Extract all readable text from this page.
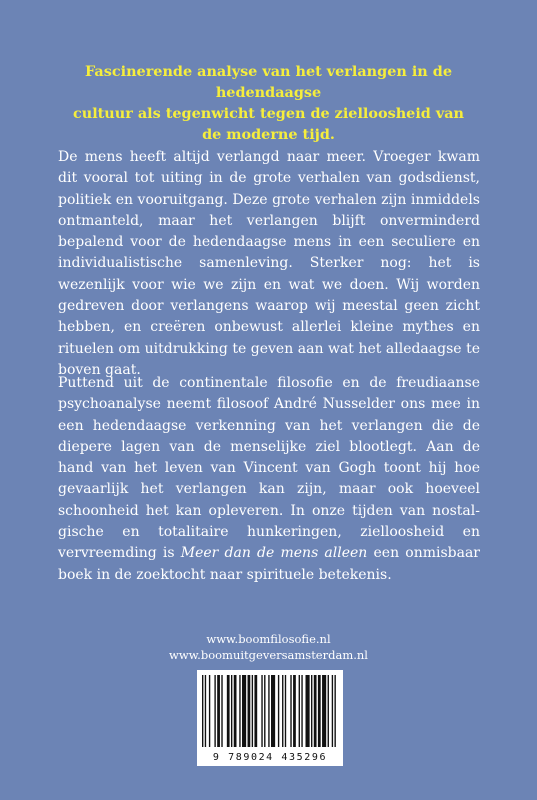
Fascinerende analyse van het verlangen in de hedendaagse
cultuur als tegenwicht tegen de zielloosheid van
de moderne tijd.

De mens heeft altijd verlangd naar meer. Vroeger kwam dit vooral tot uiting in de grote verhalen van godsdienst, politiek en vooruitgang. Deze grote verhalen zijn inmiddels ontmanteld, maar het verlangen blijft onverminderd bepalend voor de hedendaagse mens in een seculiere en individualistische samenleving. Sterker nog: het is wezenlijk voor wie we zijn en wat we doen. Wij worden gedreven door verlangens waarop wij meestal geen zicht hebben, en creëren onbewust allerlei kleine mythes en rituelen om uitdrukking te geven aan wat het alledaagse te boven gaat.

Puttend uit de continentale filosofie en de freudiaanse psychoanalyse neemt filosoof André Nusselder ons mee in een hedendaagse verkenning van het verlangen die de diepere lagen van de menselijke ziel blootlegt. Aan de hand van het leven van Vincent van Gogh toont hij hoe gevaarlijk het verlangen kan zijn, maar ook hoeveel schoonheid het kan opleveren. In onze tijden van nostalgische en totalitaire hunkeringen, zielloosheid en vervreemding is Meer dan de mens alleen een onmisbaar boek in de zoektocht naar spirituele betekenis.

www.boomfilosofie.nl
www.boomuitgeversamsterdam.nl
9 789024 435296
